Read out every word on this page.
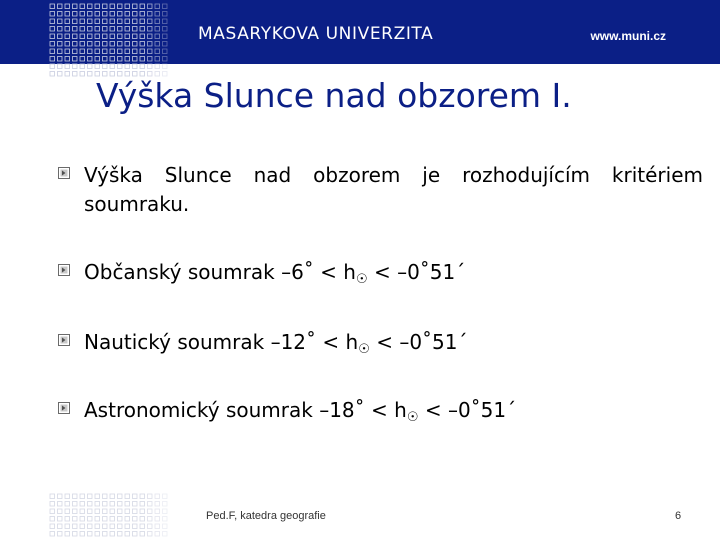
MASARYKOVA UNIVERZITA	www.muni.cz
Výška Slunce nad obzorem I.
Výška Slunce nad obzorem je rozhodujícím kritériem soumraku.
Občanský soumrak –6˚ < $h_☉$ < –0˚51´
Nautický soumrak –12˚ < $h_☉$ < –0˚51´
Astronomický soumrak –18˚ < $h_☉$ < –0˚51´
Ped.F, katedra geografie	6
